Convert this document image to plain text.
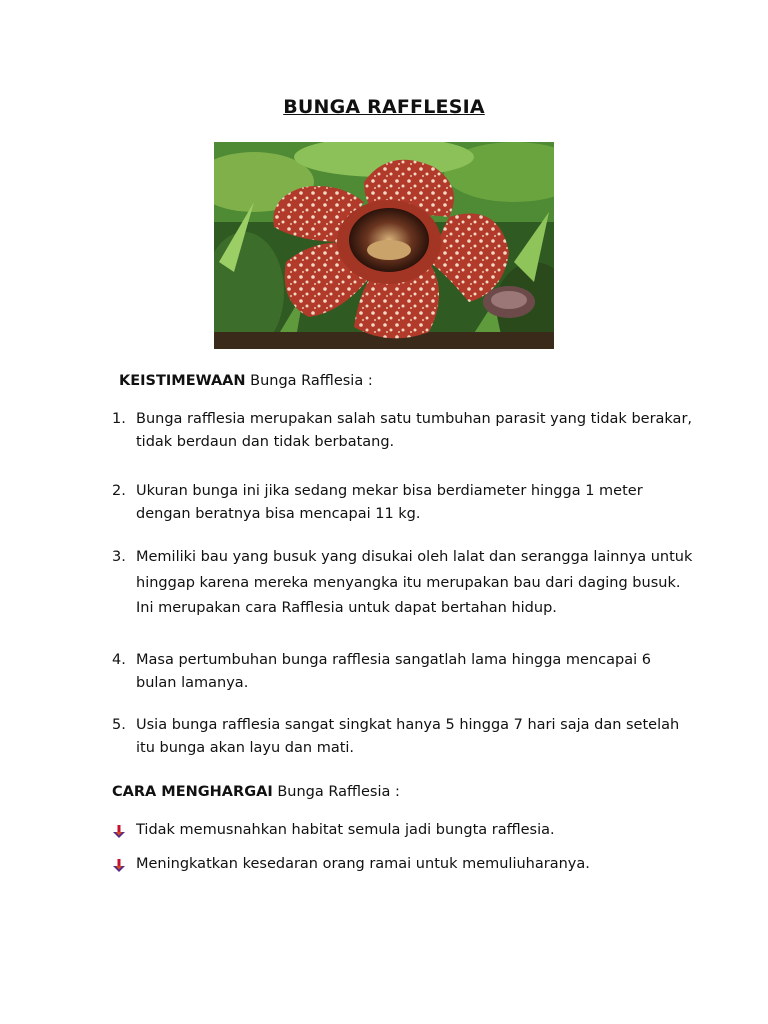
BUNGA RAFFLESIA
KEISTIMEWAAN Bunga Rafflesia :
1. Bunga rafflesia merupakan salah satu tumbuhan parasit yang tidak berakar,
tidak berdaun dan tidak berbatang.
2. Ukuran bunga ini jika sedang mekar bisa berdiameter hingga 1 meter
dengan beratnya bisa mencapai 11 kg.
3. Memiliki bau yang busuk yang disukai oleh lalat dan serangga lainnya untuk
hinggap karena mereka menyangka itu merupakan bau dari daging busuk.
Ini merupakan cara Rafflesia untuk dapat bertahan hidup.
4. Masa pertumbuhan bunga rafflesia sangatlah lama hingga mencapai 6
bulan lamanya.
5. Usia bunga rafflesia sangat singkat hanya 5 hingga 7 hari saja dan setelah
itu bunga akan layu dan mati.
CARA MENGHARGAI Bunga Rafflesia :
Tidak memusnahkan habitat semula jadi bungta rafflesia.
Meningkatkan kesedaran orang ramai untuk memuliuharanya.
